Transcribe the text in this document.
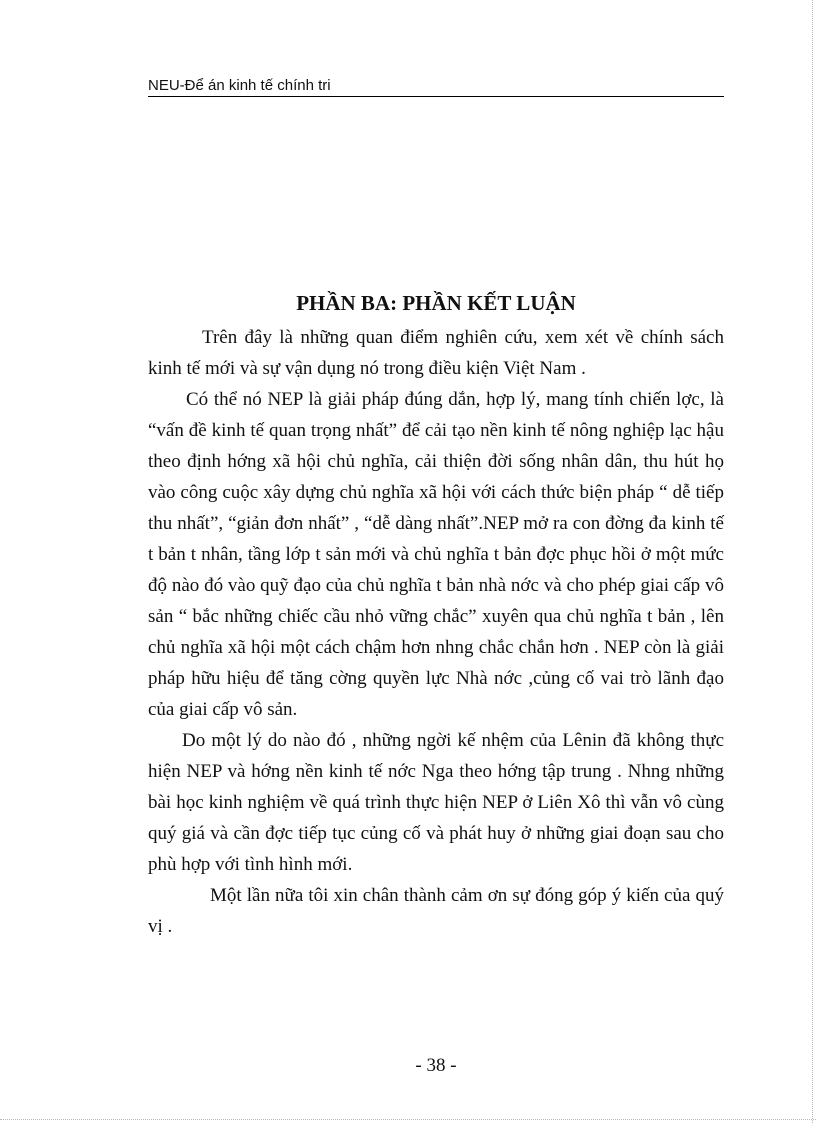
NEU-Để án kinh tế chính tri
PHẦN BA: PHẦN KẾT LUẬN

Trên đây là những quan điểm nghiên cứu, xem xét về chính sách kinh tế mới và sự vận dụng nó trong điều kiện Việt Nam .

Có thể nó NEP là giải pháp đúng dắn, hợp lý, mang tính chiến lợc, là “vấn đề kinh tế quan trọng nhất” để cải tạo nền kinh tế nông nghiệp lạc hậu theo định hớng xã hội chủ nghĩa, cải thiện đời sống nhân dân, thu hút họ vào công cuộc xây dựng chủ nghĩa xã hội với cách thức biện pháp “ dễ tiếp thu nhất”, “giản đơn nhất” , “dễ dàng nhất”.NEP mở ra con đờng đa kinh tế t bản t nhân, tầng lớp t sản mới và chủ nghĩa t bản đợc phục hồi ở một mức độ nào đó vào quỹ đạo của chủ nghĩa t bản nhà nớc và cho phép giai cấp vô sản “ bắc những chiếc cầu nhỏ vững chắc” xuyên qua chủ nghĩa t bản , lên chủ nghĩa xã hội một cách chậm hơn nhng chắc chắn hơn . NEP còn là giải pháp hữu hiệu để tăng cờng quyền lực Nhà nớc ,củng cố vai trò lãnh đạo của giai cấp vô sản.

Do một lý do nào đó , những ngời kế nhệm của Lênin đã không thực hiện NEP và hớng nền kinh tế nớc Nga theo hớng tập trung . Nhng những bài học kinh nghiệm về quá trình thực hiện NEP ở Liên Xô thì vẫn vô cùng quý giá và cần đợc tiếp tục củng cố và phát huy ở những giai đoạn sau cho phù hợp với tình hình mới.

Một lần nữa tôi xin chân thành cảm ơn sự đóng góp ý kiến của quý vị .

- 38 -
